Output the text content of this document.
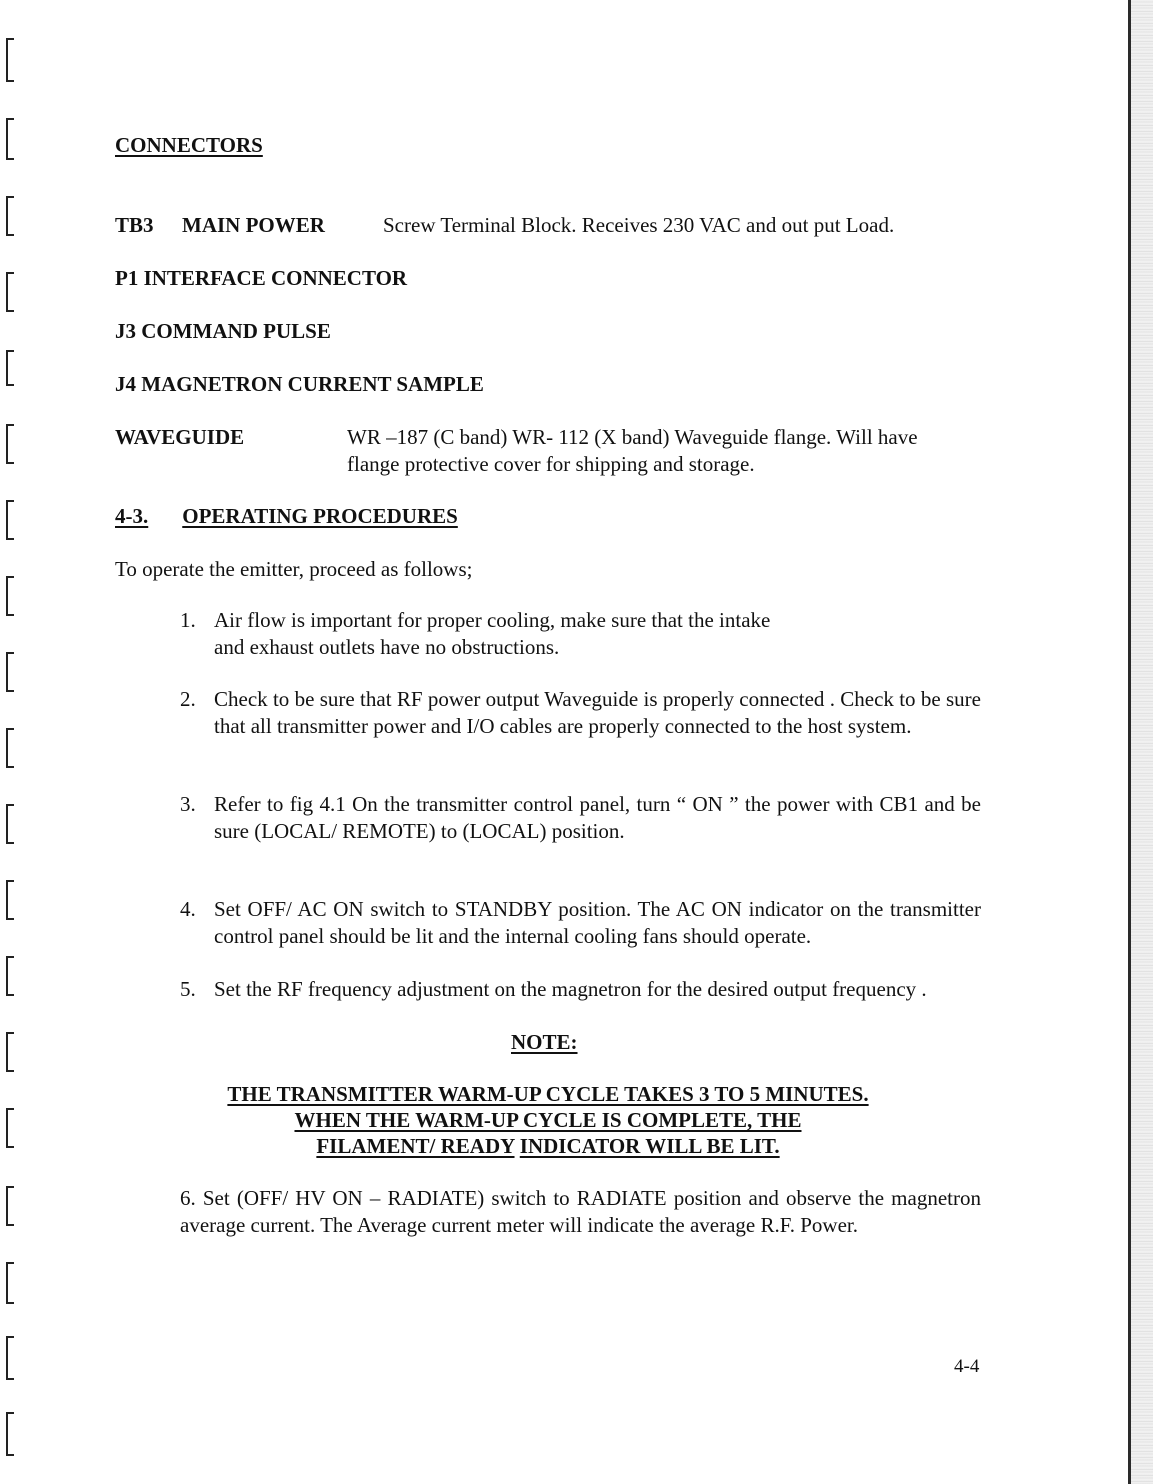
CONNECTORS
TB3 MAIN POWER	Screw Terminal Block. Receives 230 VAC and out put Load.
P1 INTERFACE CONNECTOR
J3 COMMAND PULSE
J4 MAGNETRON CURRENT SAMPLE
WAVEGUIDE	WR –187 (C band) WR- 112 (X band) Waveguide flange. Will have
flange protective cover for shipping and storage.
4-3. OPERATING PROCEDURES
To operate the emitter, proceed as follows;
1. Air flow is important for proper cooling, make sure that the intake
and exhaust outlets have no obstructions.
2. Check to be sure that RF power output Waveguide is properly connected . Check to be sure that all transmitter power and I/O cables are properly connected to the host system.
3. Refer to fig 4.1 On the transmitter control panel, turn “ ON ” the power with CB1 and be sure (LOCAL/ REMOTE) to (LOCAL) position.
4. Set OFF/ AC ON switch to STANDBY position. The AC ON indicator on the transmitter control panel should be lit and the internal cooling fans should operate.
5. Set the RF frequency adjustment on the magnetron for the desired output frequency .
NOTE:
THE TRANSMITTER WARM-UP CYCLE TAKES 3 TO 5 MINUTES.
WHEN THE WARM-UP CYCLE IS COMPLETE, THE
FILAMENT/ READY INDICATOR WILL BE LIT.
6. Set (OFF/ HV ON – RADIATE) switch to RADIATE position and observe the magnetron average current. The Average current meter will indicate the average R.F. Power.
4-4
